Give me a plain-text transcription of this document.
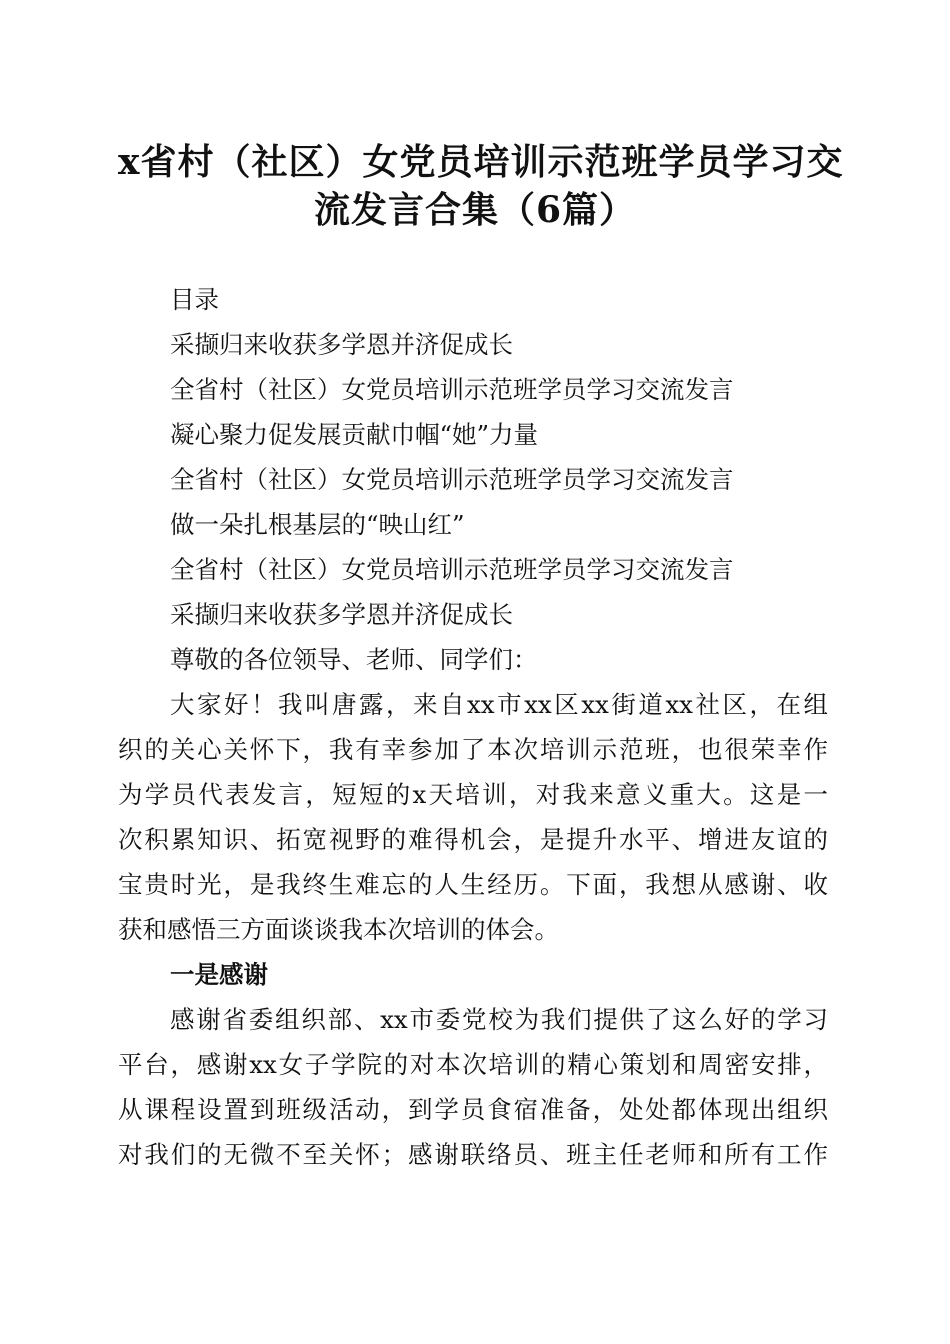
x省村（社区）女党员培训示范班学员学习交
流发言合集（6篇）
目录
采撷归来收获多学恩并济促成长
全省村（社区）女党员培训示范班学员学习交流发言
凝心聚力促发展贡献巾帼“她”力量
全省村（社区）女党员培训示范班学员学习交流发言
做一朵扎根基层的“映山红”
全省村（社区）女党员培训示范班学员学习交流发言
采撷归来收获多学恩并济促成长
尊敬的各位领导、老师、同学们：
大家好！我叫唐露，来自xx市xx区xx街道xx社区，在组
织的关心关怀下，我有幸参加了本次培训示范班，也很荣幸作
为学员代表发言，短短的x天培训，对我来意义重大。这是一
次积累知识、拓宽视野的难得机会，是提升水平、增进友谊的
宝贵时光，是我终生难忘的人生经历。下面，我想从感谢、收
获和感悟三方面谈谈我本次培训的体会。
一是感谢
感谢省委组织部、xx市委党校为我们提供了这么好的学习
平台，感谢xx女子学院的对本次培训的精心策划和周密安排，
从课程设置到班级活动，到学员食宿准备，处处都体现出组织
对我们的无微不至关怀；感谢联络员、班主任老师和所有工作
